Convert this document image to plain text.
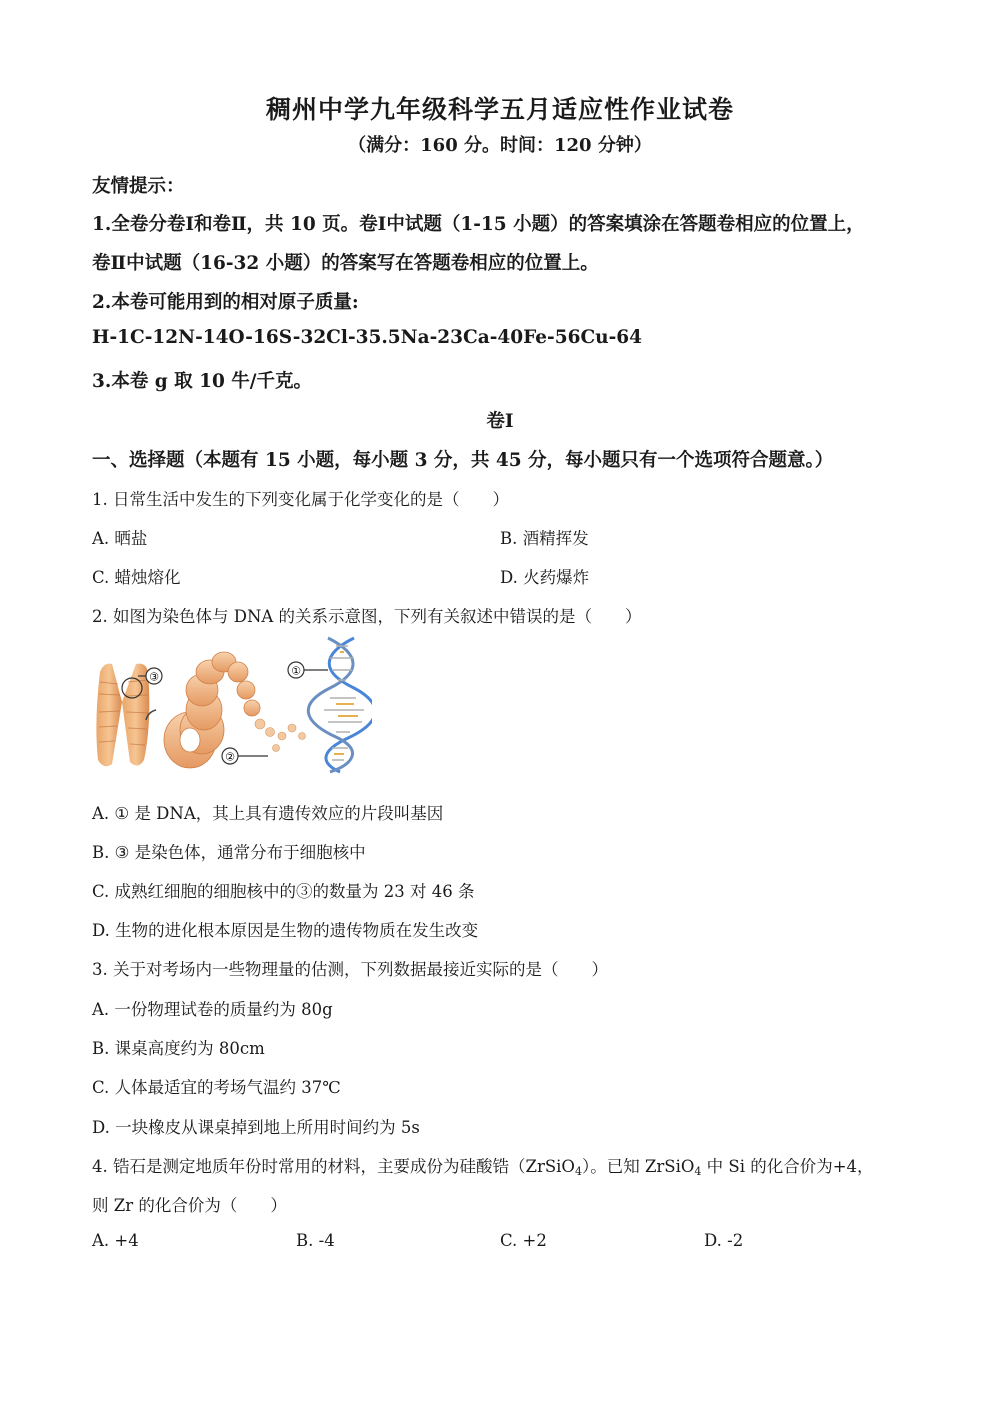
稠州中学九年级科学五月适应性作业试卷
（满分：160 分。时间：120 分钟）
友情提示：
1.全卷分卷Ⅰ和卷Ⅱ，共 10 页。卷Ⅰ中试题（1-15 小题）的答案填涂在答题卷相应的位置上，
卷Ⅱ中试题（16-32 小题）的答案写在答题卷相应的位置上。
2.本卷可能用到的相对原子质量:
H-1C-12N-14O-16S-32Cl-35.5Na-23Ca-40Fe-56Cu-64
3.本卷 g 取 10 牛/千克。
卷Ⅰ
一、选择题（本题有 15 小题，每小题 3 分，共 45 分，每小题只有一个选项符合题意。）
1. 日常生活中发生的下列变化属于化学变化的是（　　）
A. 晒盐	B. 酒精挥发
C. 蜡烛熔化	D. 火药爆炸
2. 如图为染色体与 DNA 的关系示意图，下列有关叙述中错误的是（　　）
③
②
①
A. ① 是 DNA，其上具有遗传效应的片段叫基因
B. ③ 是染色体，通常分布于细胞核中
C. 成熟红细胞的细胞核中的③的数量为 23 对 46 条
D. 生物的进化根本原因是生物的遗传物质在发生改变
3. 关于对考场内一些物理量的估测，下列数据最接近实际的是（　　）
A. 一份物理试卷的质量约为 80g
B. 课桌高度约为 80cm
C. 人体最适宜的考场气温约 37℃
D. 一块橡皮从课桌掉到地上所用时间约为 5s
4. 锆石是测定地质年份时常用的材料，主要成份为硅酸锆（ZrSiO4）。已知 ZrSiO4 中 Si 的化合价为+4，
则 Zr 的化合价为（　　）
A. +4	B. -4	C. +2	D. -2
